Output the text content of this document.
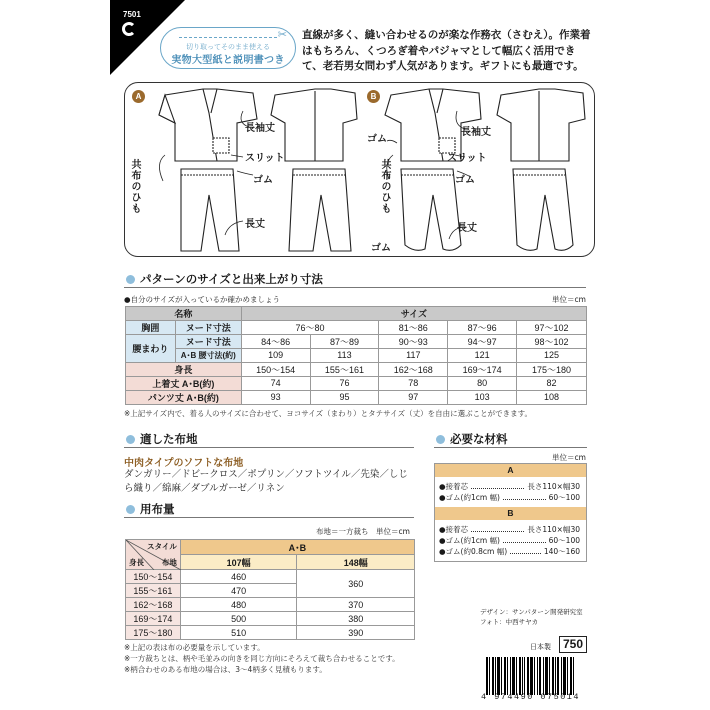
7501
✂
切り取ってそのまま使える
実物大型紙と説明書つき
直線が多く、縫い合わせるのが楽な作務衣（さむえ）。作業着はもちろん、くつろぎ着やパジャマとして幅広く活用できて、老若男女問わず人気があります。ギフトにも最適です。
A
長袖丈
スリット
ゴム
共布のひも
長丈
B
長袖丈
スリット
ゴム
ゴム
共布のひも
長丈
ゴム
パターンのサイズと出来上がり寸法
●自分のサイズが入っているか確かめましょう	単位＝cm
名称		サイズ				
胸囲	ヌード寸法	76〜80		81〜86	87〜96	97〜102
腰まわり	ヌード寸法	84〜86	87〜89	90〜93	94〜97	98〜102
	A･B 腰寸法(約)	109	113	117	121	125
身長		150〜154	155〜161	162〜168	169〜174	175〜180
上着丈 A･B(約)		74	76	78	80	82
パンツ丈 A･B(約)		93	95	97	103	108
※上記サイズ内で、着る人のサイズに合わせて、ヨコサイズ（まわり）とタテサイズ（丈）を自由に選ぶことができます。
適した布地
中肉タイプのソフトな布地
ダンガリー／ドビークロス／ポプリン／ソフトツイル／先染／しじら織り／綿麻／ダブルガーゼ／リネン
必要な材料
単位＝cm
A
●接着芯	長さ110×幅30
●ゴム(約1cm 幅)	60〜100
B
●接着芯	長さ110×幅30
●ゴム(約1cm 幅)	60〜100
●ゴム(約0.8cm 幅)	140〜160
用布量
布地＝一方裁ち　単位＝cm
スタイル
身長 布地	A･B	
	107幅	148幅
150〜154	460	360
155〜161	470	
162〜168	480	370
169〜174	500	380
175〜180	510	390
※上記の表は布の必要量を示しています。
※一方裁ちとは、柄や毛並みの向きを同じ方向にそろえて裁ち合わせることです。
※柄合わせのある布地の場合は、3〜4柄多く見積もります。
デザイン：サンパターン開発研究室
フォト：中西サヤカ
日本製 750
4 974490 075014
